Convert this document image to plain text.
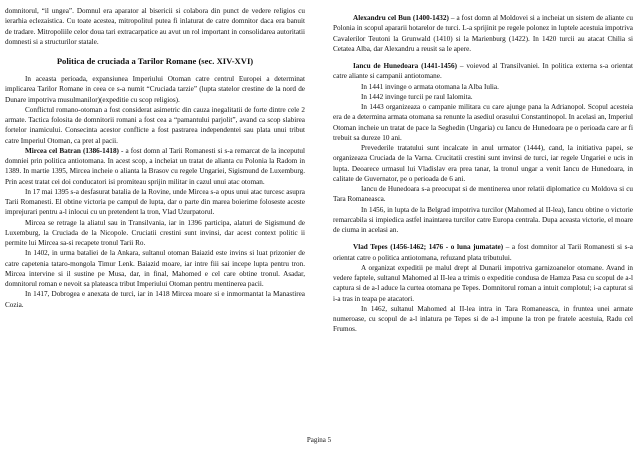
domnitorul, “il ungea”. Domnul era aparator al bisericii si colabora din punct de vedere religios cu ierarhia eclezaistica. Cu toate acestea, mitropolitul putea fi inlaturat de catre domnitor daca era banuit de tradare. Mitropoliile celor doua tari extracarpatice au avut un rol important in consolidarea autoritatii domnesti si a structurilor statale.

Politica de cruciada a Tarilor Romane (sec. XIV-XVI)

In aceasta perioada, expansiunea Imperiului Otoman catre centrul Europei a determinat implicarea Tarilor Romane in ceea ce s-a numit “Cruciada tarzie” (lupta statelor crestine de la nord de Dunare impotriva musulmanilor)(expeditie cu scop religios).

Conflictul romano-otoman a fost considerat asimetric din cauza inegalitatii de forte dintre cele 2 armate. Tactica folosita de domnitorii romani a fost cea a “pamantului parjolit”, avand ca scop slabirea fortelor inamicului. Consecinta acestor conflicte a fost pastrarea independentei sau plata unui tribut catre Imperiul Otoman, ca pret al pacii.

Mircea cel Batran (1386-1418) - a fost domn al Tarii Romanesti si s-a remarcat de la inceputul domniei prin politica antiotomana. In acest scop, a incheiat un tratat de alianta cu Polonia la Radom in 1389. In martie 1395, Mircea incheie o alianta la Brasov cu regele Ungariei, Sigismund de Luxemburg. Prin acest tratat cei doi conducatori isi promiteau sprijin militar in cazul unui atac otoman.

In 17 mai 1395 s-a desfasurat batalia de la Rovine, unde Mircea s-a opus unui atac turcesc asupra Tarii Romanesti. El obtine victoria pe campul de lupta, dar o parte din marea boierime foloseste aceste imprejurari pentru a-l inlocui cu un pretendent la tron, Vlad Uzurpatorul.

Mircea se retrage la aliatul sau in Transilvania, iar in 1396 participa, alaturi de Sigismund de Luxemburg, la Cruciada de la Nicopole. Cruciatii crestini sunt invinsi, dar acest context politic ii permite lui Mircea sa-si recapete tronul Tarii Ro.

In 1402, in urma bataliei de la Ankara, sultanul otoman Baiazid este invins si luat prizonier de catre capetenia tataro-mongola Timur Lenk. Baiazid moare, iar intre fiii sai incepe lupta pentru tron. Mircea intervine si il sustine pe Musa, dar, in final, Mahomed e cel care obtine tronul. Asadar, domnitorul roman e nevoit sa plateasca tribut Imperiului Otoman pentru mentinerea pacii.

In 1417, Dobrogea e anexata de turci, iar in 1418 Mircea moare si e inmormantat la Manastirea Cozia.

Alexandru cel Bun (1400-1432) – a fost domn al Moldovei si a incheiat un sistem de aliante cu Polonia in scopul apararii hotarelor de turci. L-a sprijinit pe regele polonez in luptele acestuia impotriva Cavalerilor Teutoni la Grunwald (1410) si la Marienburg (1422). In 1420 turcii au atacat Chilia si Cetatea Alba, dar Alexandru a reusit sa le apere.

Iancu de Hunedoara (1441-1456) – voievod al Transilvaniei. In politica externa s-a orientat catre aliante si campanii antiotomane.

In 1441 invinge o armata otomana la Alba Iulia.

In 1442 invinge turcii pe raul Ialomita.

In 1443 organizeaza o campanie militara cu care ajunge pana la Adrianopol. Scopul acesteia era de a determina armata otomana sa renunte la asediul orasului Constantinopol. In acelasi an, Imperiul Otoman incheie un tratat de pace la Seghedin (Ungaria) cu Iancu de Hunedoara pe o perioada care ar fi trebuit sa dureze 10 ani.

Prevederile tratatului sunt incalcate in anul urmator (1444), cand, la initiativa papei, se organizeaza Cruciada de la Varna. Crucitatii crestini sunt invinsi de turci, iar regele Ungariei e ucis in lupta. Deoarece urmasul lui Vladislav era prea tanar, la tronul ungar a venit Iancu de Hunedoara, in calitate de Guvernator, pe o perioada de 6 ani.

Iancu de Hunedoara s-a preocupat si de mentinerea unor relatii diplomatice cu Moldova si cu Tara Romaneasca.

In 1456, in lupta de la Belgrad impotriva turcilor (Mahomed al II-lea), Iancu obtine o victorie remarcabila si impiedica astfel inaintarea turcilor catre Europa centrala. Dupa aceasta victorie, el moare de ciuma in acelasi an.

Vlad Tepes (1456-1462; 1476 - o luna jumatate) – a fost domnitor al Tarii Romanesti si s-a orientat catre o politica antiotomana, refuzand plata tributului.

A organizat expeditii pe malul drept al Dunarii impotriva garnizoanelor otomane. Avand in vedere faptele, sultanul Mahomed al II-lea a trimis o expeditie condusa de Hamza Pasa cu scopul de a-l captura si de a-l aduce la curtea otomana pe Tepes. Domnitorul roman a intuit complotul; i-a capturat si i-a tras in teapa pe atacatori.

In 1462, sultanul Mahomed al II-lea intra in Tara Romaneasca, in fruntea unei armate numeroase, cu scopul de a-l inlatura pe Tepes si de a-l impune la tron pe fratele acestuia, Radu cel Frumos.

Pagina 5
